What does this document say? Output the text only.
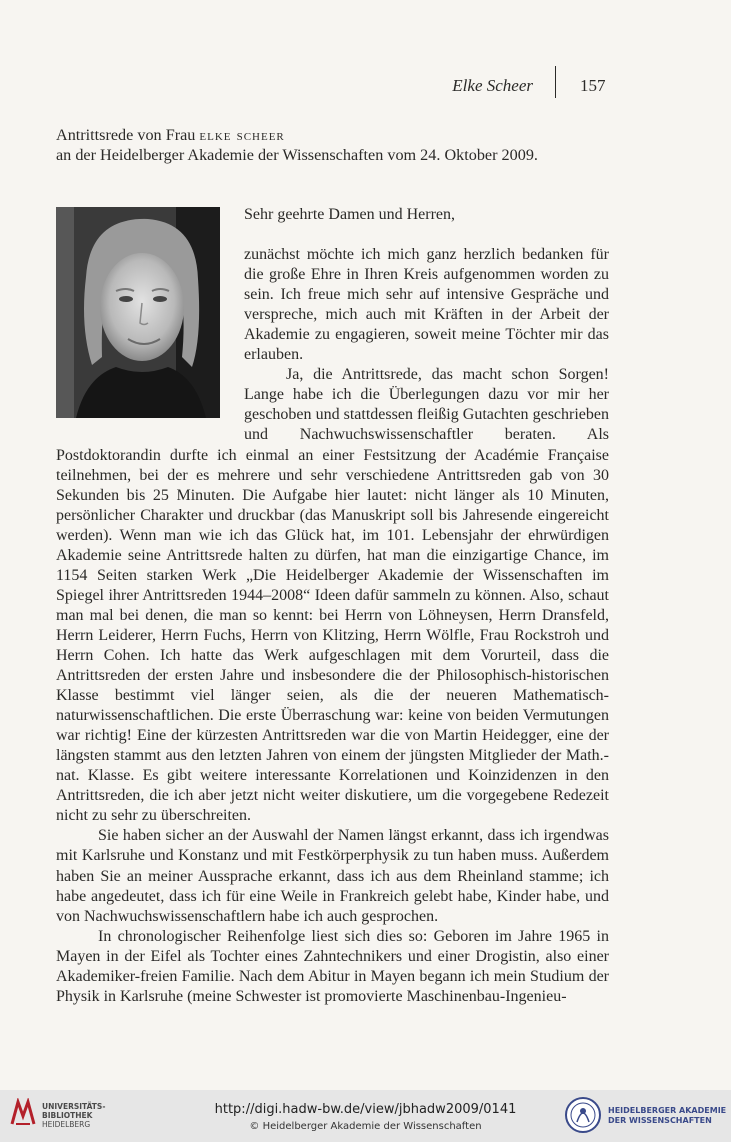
Elke Scheer	157
Antrittsrede von Frau elke scheer
an der Heidelberger Akademie der Wissenschaften vom 24. Oktober 2009.

Sehr geehrte Damen und Herren,

zunächst möchte ich mich ganz herzlich bedanken für die große Ehre in Ihren Kreis aufgenommen worden zu sein. Ich freue mich sehr auf intensive Gespräche und verspreche, mich auch mit Kräften in der Arbeit der Akademie zu engagieren, soweit meine Töchter mir das erlauben.

Ja, die Antrittsrede, das macht schon Sorgen! Lange habe ich die Überlegungen dazu vor mir her geschoben und stattdessen fleißig Gutachten geschrieben und Nachwuchswissenschaftler beraten. Als Postdoktorandin durfte ich einmal an einer Festsitzung der Académie Française teilnehmen, bei der es mehrere und sehr verschiedene Antrittsreden gab von 30 Sekunden bis 25 Minuten. Die Aufgabe hier lautet: nicht länger als 10 Minuten, persönlicher Charakter und druckbar (das Manuskript soll bis Jahresende eingereicht werden). Wenn man wie ich das Glück hat, im 101. Lebensjahr der ehrwürdigen Akademie seine Antrittsrede halten zu dürfen, hat man die einzigartige Chance, im 1154 Seiten starken Werk „Die Heidelberger Akademie der Wissenschaften im Spiegel ihrer Antrittsreden 1944–2008“ Ideen dafür sammeln zu können. Also, schaut man mal bei denen, die man so kennt: bei Herrn von Löhneysen, Herrn Dransfeld, Herrn Leiderer, Herrn Fuchs, Herrn von Klitzing, Herrn Wölfle, Frau Rockstroh und Herrn Cohen. Ich hatte das Werk aufgeschlagen mit dem Vorurteil, dass die Antrittsreden der ersten Jahre und insbesondere die der Philosophisch-historischen Klasse bestimmt viel länger seien, als die der neueren Mathematisch-naturwissenschaftlichen. Die erste Überraschung war: keine von beiden Vermutungen war richtig! Eine der kürzesten Antrittsreden war die von Martin Heidegger, eine der längsten stammt aus den letzten Jahren von einem der jüngsten Mitglieder der Math.-nat. Klasse. Es gibt weitere interessante Korrelationen und Koinzidenzen in den Antrittsreden, die ich aber jetzt nicht weiter diskutiere, um die vorgegebene Redezeit nicht zu sehr zu überschreiten.

Sie haben sicher an der Auswahl der Namen längst erkannt, dass ich irgendwas mit Karlsruhe und Konstanz und mit Festkörperphysik zu tun haben muss. Außerdem haben Sie an meiner Aussprache erkannt, dass ich aus dem Rheinland stamme; ich habe angedeutet, dass ich für eine Weile in Frankreich gelebt habe, Kinder habe, und von Nachwuchswissenschaftlern habe ich auch gesprochen.

In chronologischer Reihenfolge liest sich dies so: Geboren im Jahre 1965 in Mayen in der Eifel als Tochter eines Zahntechnikers und einer Drogistin, also einer Akademiker-freien Familie. Nach dem Abitur in Mayen begann ich mein Studium der Physik in Karlsruhe (meine Schwester ist promovierte Maschinenbau-Ingenieu-

UNIVERSITÄTS-
BIBLIOTHEK
HEIDELBERG
http://digi.hadw-bw.de/view/jbhadw2009/0141
© Heidelberger Akademie der Wissenschaften
HEIDELBERGER AKADEMIE
DER WISSENSCHAFTEN
